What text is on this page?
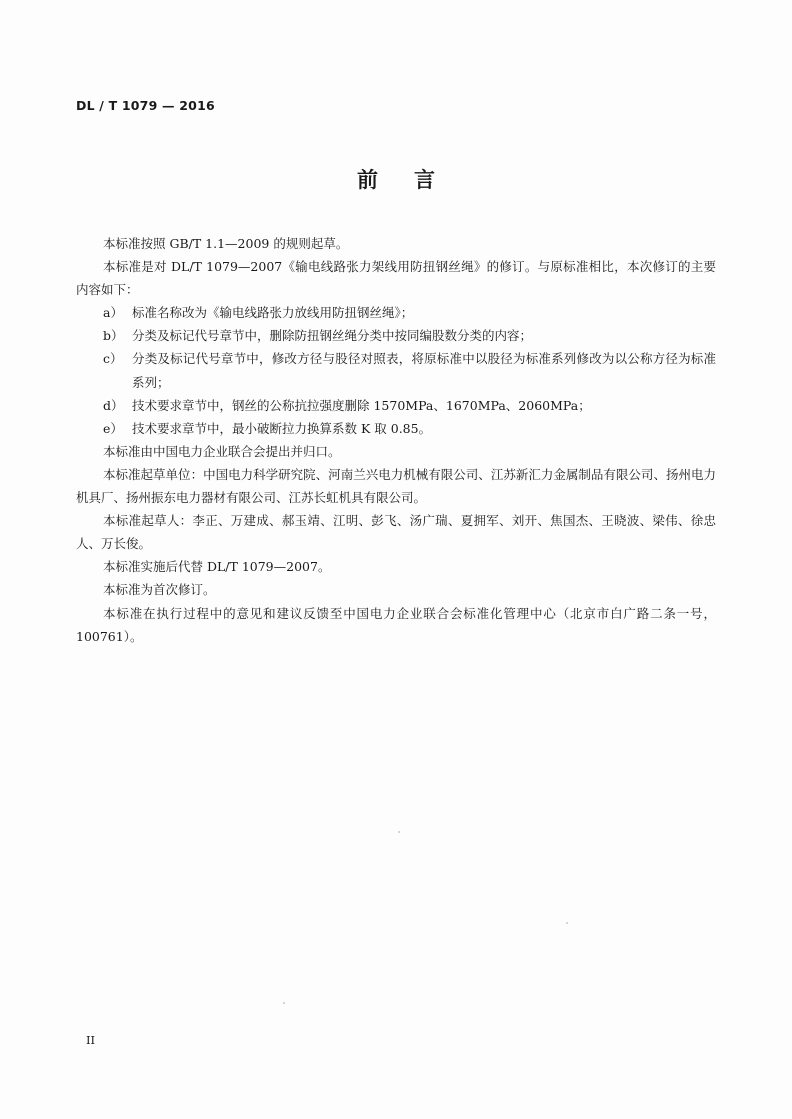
DL / T 1079 — 2016
前言

本标准按照 GB/T 1.1—2009 的规则起草。

本标准是对 DL/T 1079—2007《输电线路张力架线用防扭钢丝绳》的修订。与原标准相比，本次修订的主要内容如下：

a） 标准名称改为《输电线路张力放线用防扭钢丝绳》；
b） 分类及标记代号章节中，删除防扭钢丝绳分类中按同编股数分类的内容；
c） 分类及标记代号章节中，修改方径与股径对照表，将原标准中以股径为标准系列修改为以公称方径为标准系列；
d） 技术要求章节中，钢丝的公称抗拉强度删除 1570MPa、1670MPa、2060MPa；
e） 技术要求章节中，最小破断拉力换算系数 K 取 0.85。

本标准由中国电力企业联合会提出并归口。

本标准起草单位：中国电力科学研究院、河南兰兴电力机械有限公司、江苏新汇力金属制品有限公司、扬州电力机具厂、扬州振东电力器材有限公司、江苏长虹机具有限公司。

本标准起草人：李正、万建成、郝玉靖、江明、彭飞、汤广瑞、夏拥军、刘开、焦国杰、王晓波、梁伟、徐忠人、万长俊。

本标准实施后代替 DL/T 1079—2007。

本标准为首次修订。

本标准在执行过程中的意见和建议反馈至中国电力企业联合会标准化管理中心（北京市白广路二条一号，100761）。

II
